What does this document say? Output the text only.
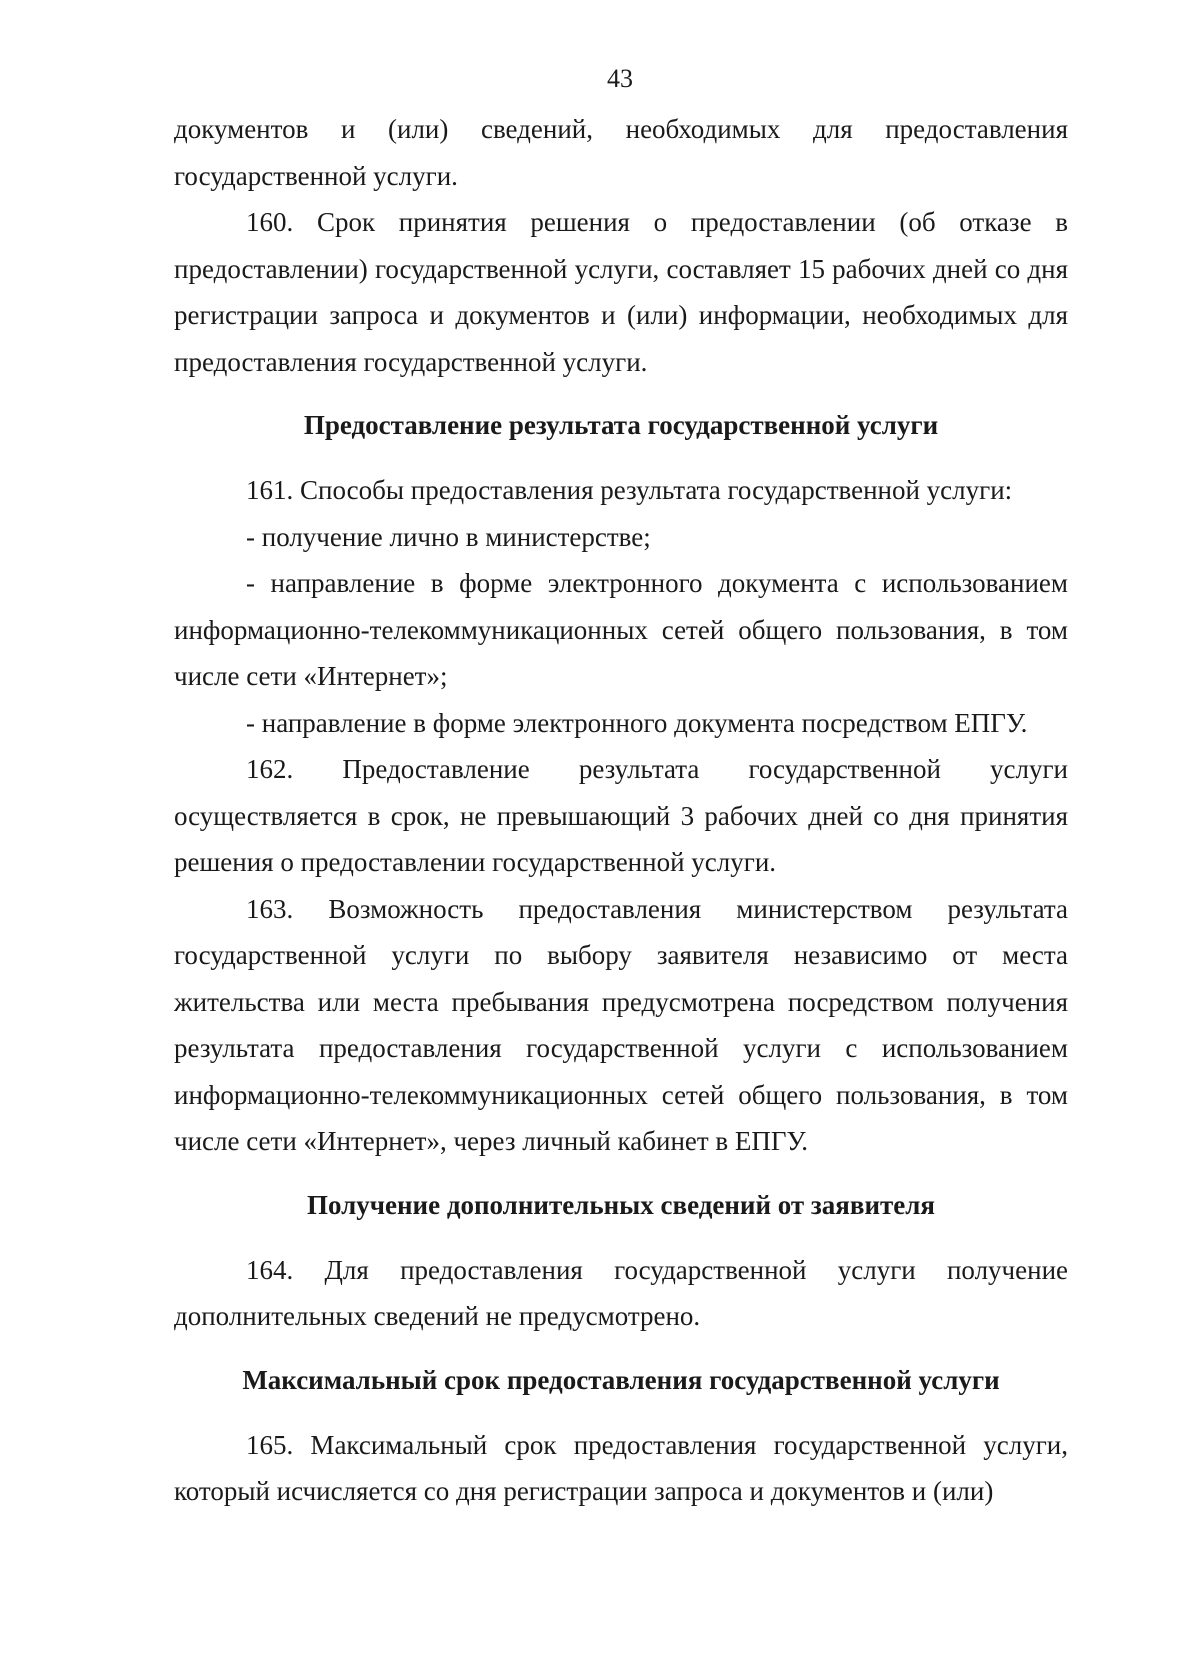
43

документов и (или) сведений, необходимых для предоставления государственной услуги.

160. Срок принятия решения о предоставлении (об отказе в предоставлении) государственной услуги, составляет 15 рабочих дней со дня регистрации запроса и документов и (или) информации, необходимых для предоставления государственной услуги.

Предоставление результата государственной услуги

161. Способы предоставления результата государственной услуги:

- получение лично в министерстве;

- направление в форме электронного документа с использованием информационно-телекоммуникационных сетей общего пользования, в том числе сети «Интернет»;

- направление в форме электронного документа посредством ЕПГУ.

162. Предоставление результата государственной услуги осуществляется в срок, не превышающий 3 рабочих дней со дня принятия решения о предоставлении государственной услуги.

163. Возможность предоставления министерством результата государственной услуги по выбору заявителя независимо от места жительства или места пребывания предусмотрена посредством получения результата предоставления государственной услуги с использованием информационно-телекоммуникационных сетей общего пользования, в том числе сети «Интернет», через личный кабинет в ЕПГУ.

Получение дополнительных сведений от заявителя

164. Для предоставления государственной услуги получение дополнительных сведений не предусмотрено.

Максимальный срок предоставления государственной услуги

165. Максимальный срок предоставления государственной услуги, который исчисляется со дня регистрации запроса и документов и (или)
